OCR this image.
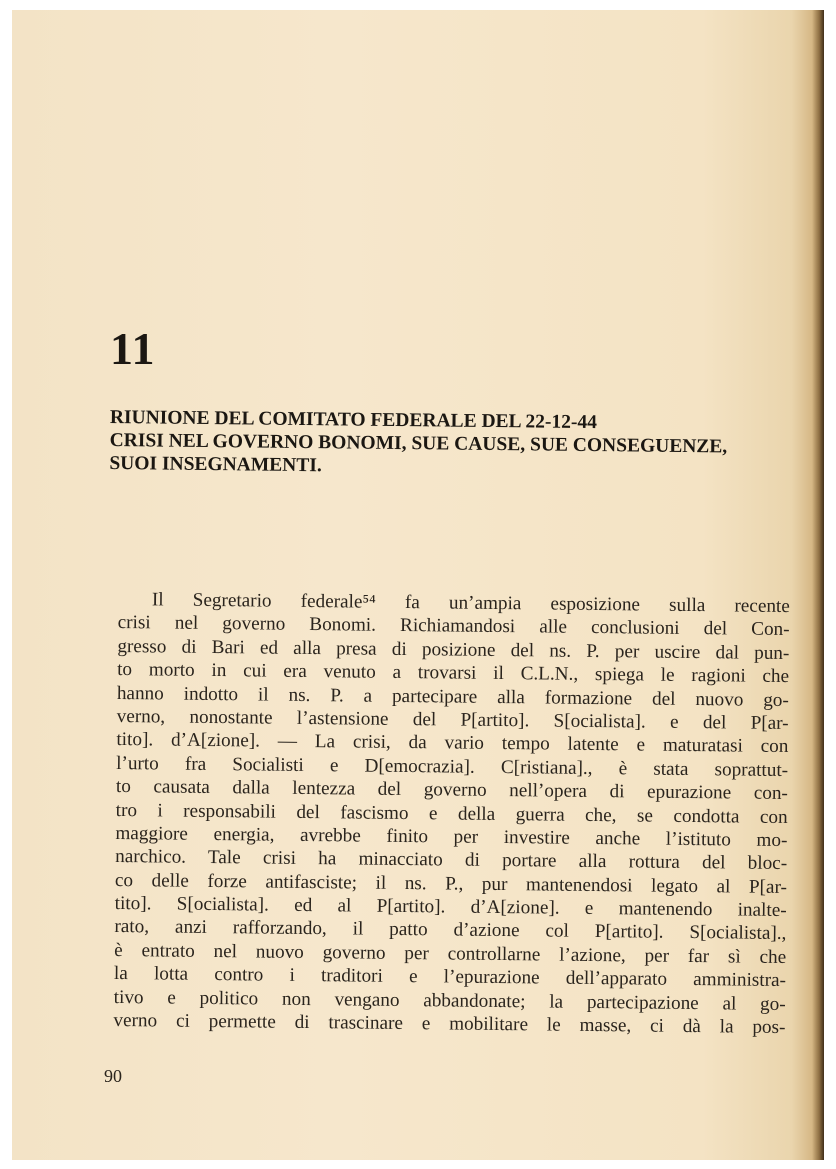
11
RIUNIONE DEL COMITATO FEDERALE DEL 22-12-44
CRISI NEL GOVERNO BONOMI, SUE CAUSE, SUE CONSEGUENZE,
SUOI INSEGNAMENTI.
Il Segretario federale⁵⁴ fa un’ampia esposizione sulla recente
crisi nel governo Bonomi. Richiamandosi alle conclusioni del Con-
gresso di Bari ed alla presa di posizione del ns. P. per uscire dal pun-
to morto in cui era venuto a trovarsi il C.L.N., spiega le ragioni che
hanno indotto il ns. P. a partecipare alla formazione del nuovo go-
verno, nonostante l’astensione del P[artito]. S[ocialista]. e del P[ar-
tito]. d’A[zione]. — La crisi, da vario tempo latente e maturatasi con
l’urto fra Socialisti e D[emocrazia]. C[ristiana]., è stata soprattut-
to causata dalla lentezza del governo nell’opera di epurazione con-
tro i responsabili del fascismo e della guerra che, se condotta con
maggiore energia, avrebbe finito per investire anche l’istituto mo-
narchico. Tale crisi ha minacciato di portare alla rottura del bloc-
co delle forze antifasciste; il ns. P., pur mantenendosi legato al P[ar-
tito]. S[ocialista]. ed al P[artito]. d’A[zione]. e mantenendo inalte-
rato, anzi rafforzando, il patto d’azione col P[artito]. S[ocialista].,
è entrato nel nuovo governo per controllarne l’azione, per far sì che
la lotta contro i traditori e l’epurazione dell’apparato amministra-
tivo e politico non vengano abbandonate; la partecipazione al go-
verno ci permette di trascinare e mobilitare le masse, ci dà la pos-
90
